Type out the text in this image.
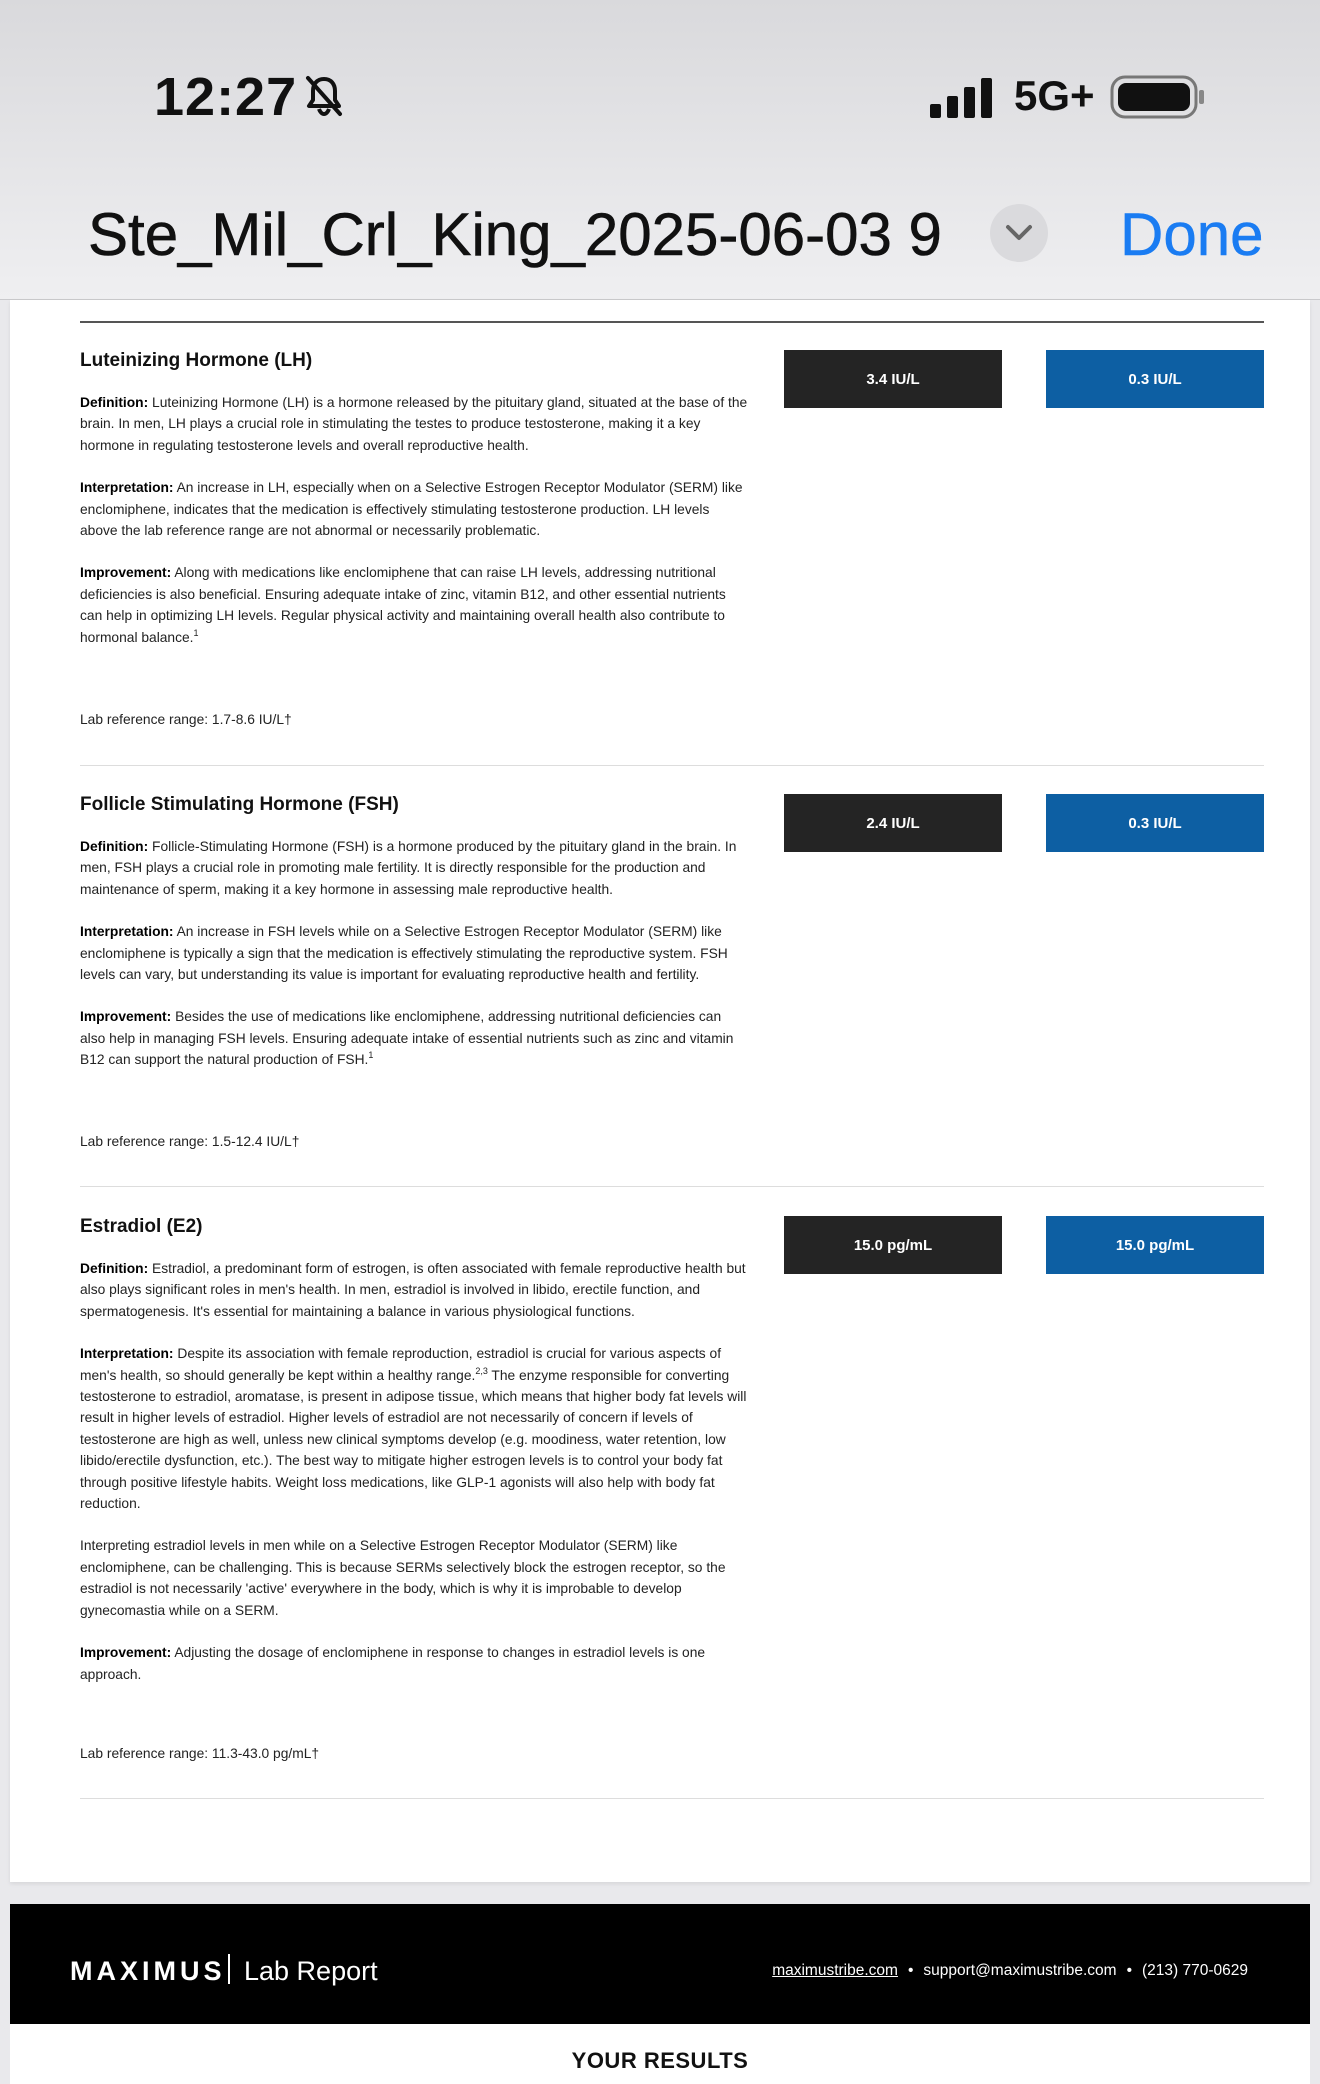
12:27	5G+
Ste_Mil_Crl_King_2025-06-03 9	Done
Luteinizing Hormone (LH)
3.4 IU/L	0.3 IU/L

Definition: Luteinizing Hormone (LH) is a hormone released by the pituitary gland, situated at the base of the brain. In men, LH plays a crucial role in stimulating the testes to produce testosterone, making it a key hormone in regulating testosterone levels and overall reproductive health.

Interpretation: An increase in LH, especially when on a Selective Estrogen Receptor Modulator (SERM) like enclomiphene, indicates that the medication is effectively stimulating testosterone production. LH levels above the lab reference range are not abnormal or necessarily problematic.

Improvement: Along with medications like enclomiphene that can raise LH levels, addressing nutritional deficiencies is also beneficial. Ensuring adequate intake of zinc, vitamin B12, and other essential nutrients can help in optimizing LH levels. Regular physical activity and maintaining overall health also contribute to hormonal balance.$^1$

Lab reference range: 1.7-8.6 IU/L†
Follicle Stimulating Hormone (FSH)
2.4 IU/L	0.3 IU/L

Definition: Follicle-Stimulating Hormone (FSH) is a hormone produced by the pituitary gland in the brain. In men, FSH plays a crucial role in promoting male fertility. It is directly responsible for the production and maintenance of sperm, making it a key hormone in assessing male reproductive health.

Interpretation: An increase in FSH levels while on a Selective Estrogen Receptor Modulator (SERM) like enclomiphene is typically a sign that the medication is effectively stimulating the reproductive system. FSH levels can vary, but understanding its value is important for evaluating reproductive health and fertility.

Improvement: Besides the use of medications like enclomiphene, addressing nutritional deficiencies can also help in managing FSH levels. Ensuring adequate intake of essential nutrients such as zinc and vitamin B12 can support the natural production of FSH.$^1$

Lab reference range: 1.5-12.4 IU/L†
Estradiol (E2)
15.0 pg/mL	15.0 pg/mL

Definition: Estradiol, a predominant form of estrogen, is often associated with female reproductive health but also plays significant roles in men's health. In men, estradiol is involved in libido, erectile function, and spermatogenesis. It's essential for maintaining a balance in various physiological functions.

Interpretation: Despite its association with female reproduction, estradiol is crucial for various aspects of men's health, so should generally be kept within a healthy range.$^{2,3}$ The enzyme responsible for converting testosterone to estradiol, aromatase, is present in adipose tissue, which means that higher body fat levels will result in higher levels of estradiol. Higher levels of estradiol are not necessarily of concern if levels of testosterone are high as well, unless new clinical symptoms develop (e.g. moodiness, water retention, low libido/erectile dysfunction, etc.). The best way to mitigate higher estrogen levels is to control your body fat through positive lifestyle habits. Weight loss medications, like GLP-1 agonists will also help with body fat reduction.

Interpreting estradiol levels in men while on a Selective Estrogen Receptor Modulator (SERM) like enclomiphene, can be challenging. This is because SERMs selectively block the estrogen receptor, so the estradiol is not necessarily 'active' everywhere in the body, which is why it is improbable to develop gynecomastia while on a SERM.

Improvement: Adjusting the dosage of enclomiphene in response to changes in estradiol levels is one approach.

Lab reference range: 11.3-43.0 pg/mL†
MAXIMUS Lab Report	maximustribe.com • support@maximustribe.com • (213) 770-0629
YOUR RESULTS
